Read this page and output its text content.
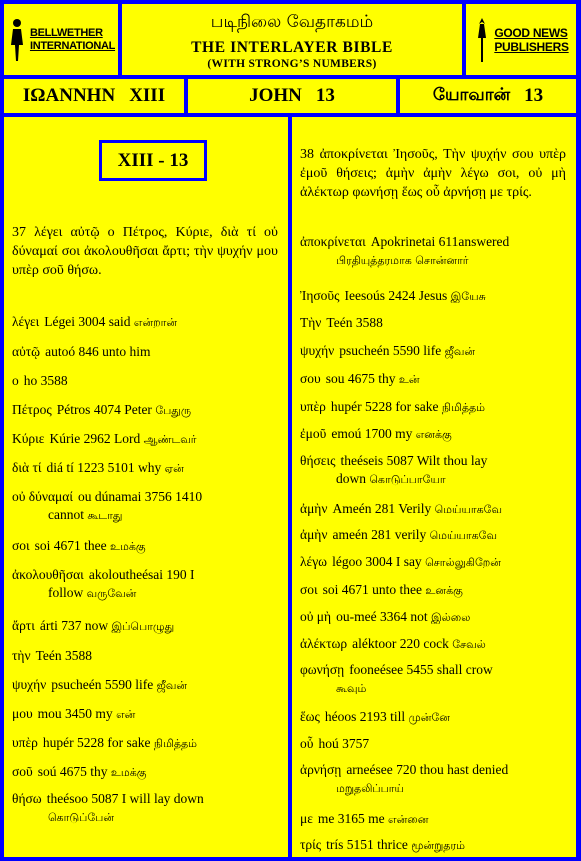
BELLWETHER
INTERNATIONAL
படிநிலை வேதாகமம்
THE INTERLAYER BIBLE
(WITH STRONG’S NUMBERS)
GOOD NEWS
PUBLISHERS
ΙΩΑΝΝΗΝ XIII	JOHN 13	யோவான் 13
XIII - 13
37 λέγει αὐτῷ ο Πέτρος, Κύριε, διὰ τί οὐ δύναμαί σοι ἀκολουθῆσαι ἄρτι; τὴν ψυχήν μου υπὲρ σοῦ θήσω.
λέγει Légei 3004 said என்றான்
αὐτῷ autoó 846 unto him
ο ho 3588
Πέτρος Pétros 4074 Peter பேதுரு
Κύριε Kúrie 2962 Lord ஆண்டவர்
διὰ τί diá tí 1223 5101 why ஏன்
οὐ δύναμαί ou dúnamai 3756 1410
cannot கூடாது
σοι soi 4671 thee உமக்கு
ἀκολουθῆσαι akoloutheésai 190 I
follow வருவேன்
ἄρτι árti 737 now இப்பொழுது
τὴν Teén 3588
ψυχήν psucheén 5590 life ஜீவன்
μου mou 3450 my என்
υπὲρ hupér 5228 for sake நிமித்தம்
σοῦ soú 4675 thy உமக்கு
θήσω theésoo 5087 I will lay down
கொடுப்பேன்
38 ἀποκρίνεται Ἰησοῦς, Τὴν ψυχήν σου υπὲρ ἐμοῦ θήσεις; ἀμὴν ἀμὴν λέγω σοι, οὐ μὴ ἀλέκτωρ φωνήσῃ ἕως οὗ ἀρνήσῃ με τρίς.
ἀποκρίνεται Apokrinetai 611answered
பிரதியுத்தரமாக சொன்னார்
Ἰησοῦς Ieesoús 2424 Jesus இயேசு
Τὴν Teén 3588
ψυχήν psucheén 5590 life ஜீவன்
σου sou 4675 thy உன்
υπὲρ hupér 5228 for sake நிமித்தம்
ἐμοῦ emoú 1700 my எனக்கு
θήσεις theéseis 5087 Wilt thou lay
down கொடுப்பாயோ
ἀμὴν Ameén 281 Verily மெய்யாகவே
ἀμὴν ameén 281 verily மெய்யாகவே
λέγω légoo 3004 I say சொல்லுகிறேன்
σοι soi 4671 unto thee உனக்கு
οὐ μὴ ou-meé 3364 not இல்லை
ἀλέκτωρ aléktoor 220 cock சேவல்
φωνήσῃ fooneésee 5455 shall crow
கூவும்
ἕως héoos 2193 till முன்னே
οὗ hoú 3757
ἀρνήσῃ arneésee 720 thou hast denied
மறுதலிப்பாய்
με me 3165 me என்னை
τρίς trís 5151 thrice மூன்றுதரம்
